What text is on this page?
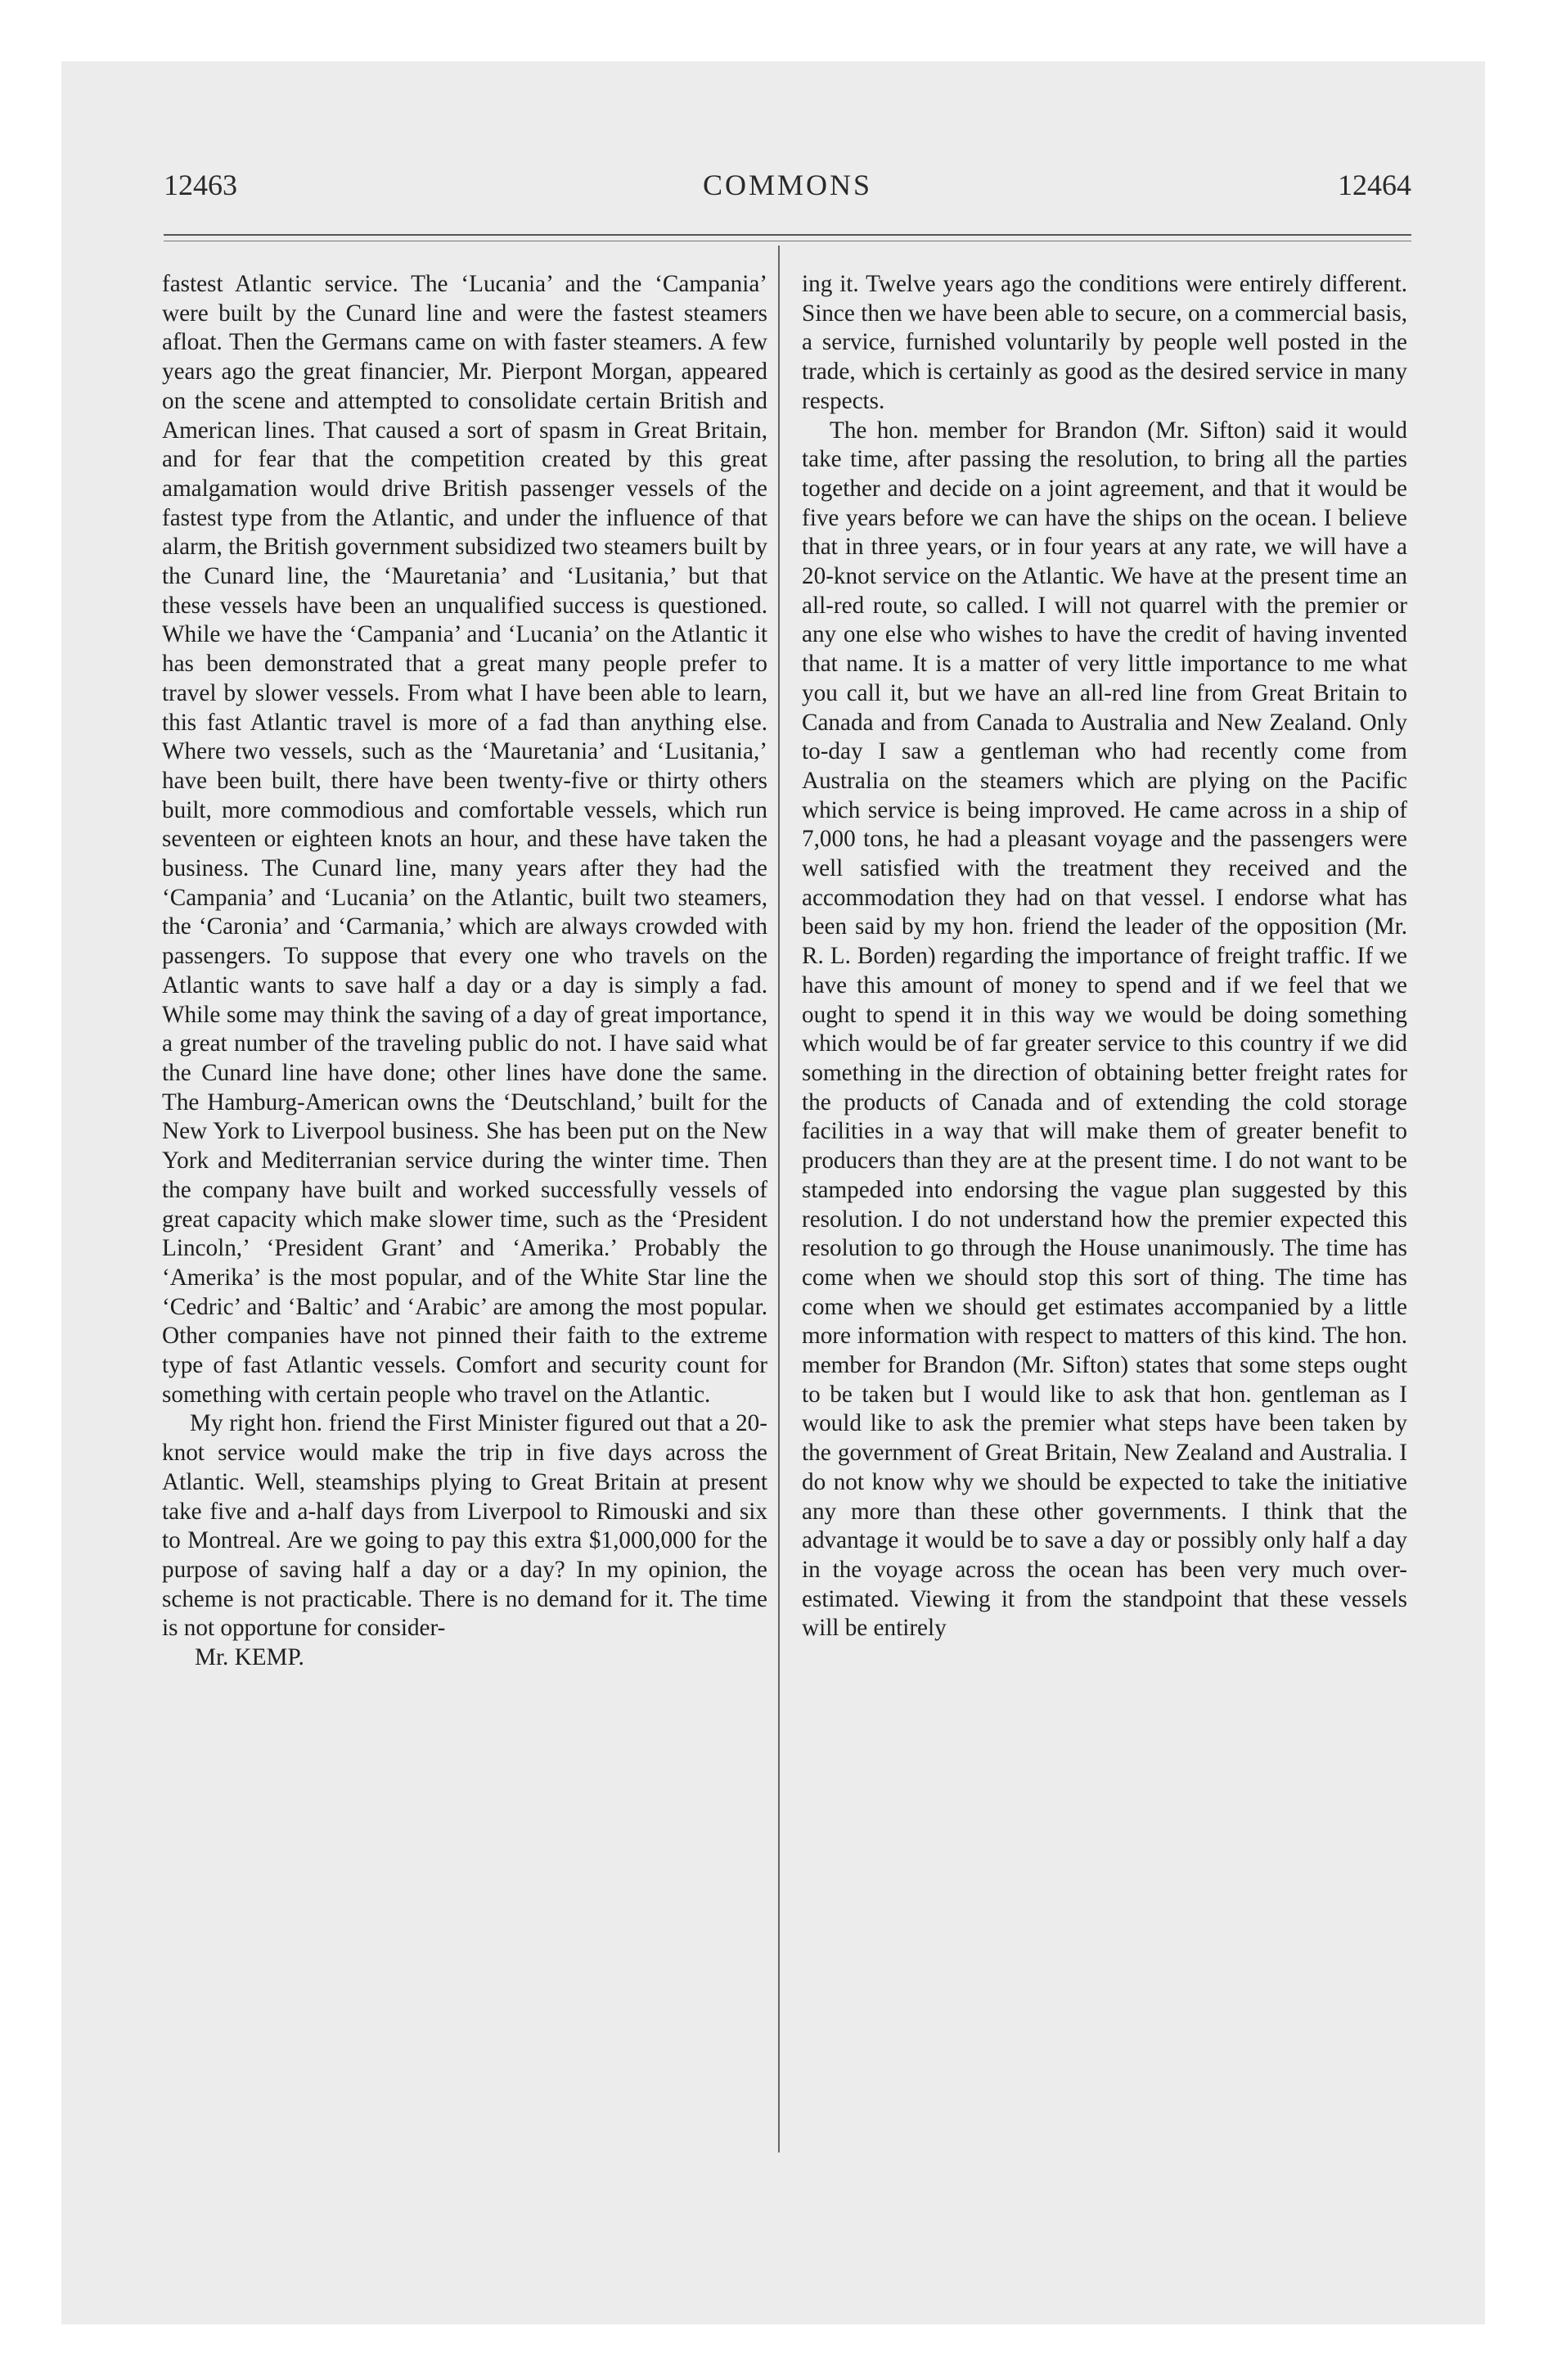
12463	COMMONS	12464

fastest Atlantic service. The ‘Lucania’ and the ‘Campania’ were built by the Cunard line and were the fastest steamers afloat. Then the Germans came on with faster steamers. A few years ago the great financier, Mr. Pierpont Morgan, appeared on the scene and attempted to consolidate certain British and American lines. That caused a sort of spasm in Great Britain, and for fear that the competition created by this great amalgamation would drive British passenger vessels of the fastest type from the Atlantic, and under the influence of that alarm, the British government subsidized two steamers built by the Cunard line, the ‘Mauretania’ and ‘Lusitania,’ but that these vessels have been an unqualified success is questioned. While we have the ‘Campania’ and ‘Lucania’ on the Atlantic it has been demonstrated that a great many people prefer to travel by slower vessels. From what I have been able to learn, this fast Atlantic travel is more of a fad than anything else. Where two vessels, such as the ‘Mauretania’ and ‘Lusitania,’ have been built, there have been twenty-five or thirty others built, more commodious and comfortable vessels, which run seventeen or eighteen knots an hour, and these have taken the business. The Cunard line, many years after they had the ‘Campania’ and ‘Lucania’ on the Atlantic, built two steamers, the ‘Caronia’ and ‘Carmania,’ which are always crowded with passengers. To suppose that every one who travels on the Atlantic wants to save half a day or a day is simply a fad. While some may think the saving of a day of great importance, a great number of the traveling public do not. I have said what the Cunard line have done; other lines have done the same. The Hamburg-American owns the ‘Deutschland,’ built for the New York to Liverpool business. She has been put on the New York and Mediterranian service during the winter time. Then the company have built and worked successfully vessels of great capacity which make slower time, such as the ‘President Lincoln,’ ‘President Grant’ and ‘Amerika.’ Probably the ‘Amerika’ is the most popular, and of the White Star line the ‘Cedric’ and ‘Baltic’ and ‘Arabic’ are among the most popular. Other companies have not pinned their faith to the extreme type of fast Atlantic vessels. Comfort and security count for something with certain people who travel on the Atlantic.

My right hon. friend the First Minister figured out that a 20-knot service would make the trip in five days across the Atlantic. Well, steamships plying to Great Britain at present take five and a-half days from Liverpool to Rimouski and six to Montreal. Are we going to pay this extra $1,000,000 for the purpose of saving half a day or a day? In my opinion, the scheme is not practicable. There is no demand for it. The time is not opportune for consider-

Mr. KEMP.

ing it. Twelve years ago the conditions were entirely different. Since then we have been able to secure, on a commercial basis, a service, furnished voluntarily by people well posted in the trade, which is certainly as good as the desired service in many respects.

The hon. member for Brandon (Mr. Sifton) said it would take time, after passing the resolution, to bring all the parties together and decide on a joint agreement, and that it would be five years before we can have the ships on the ocean. I believe that in three years, or in four years at any rate, we will have a 20-knot service on the Atlantic. We have at the present time an all-red route, so called. I will not quarrel with the premier or any one else who wishes to have the credit of having invented that name. It is a matter of very little importance to me what you call it, but we have an all-red line from Great Britain to Canada and from Canada to Australia and New Zealand. Only to-day I saw a gentleman who had recently come from Australia on the steamers which are plying on the Pacific which service is being improved. He came across in a ship of 7,000 tons, he had a pleasant voyage and the passengers were well satisfied with the treatment they received and the accommodation they had on that vessel. I endorse what has been said by my hon. friend the leader of the opposition (Mr. R. L. Borden) regarding the importance of freight traffic. If we have this amount of money to spend and if we feel that we ought to spend it in this way we would be doing something which would be of far greater service to this country if we did something in the direction of obtaining better freight rates for the products of Canada and of extending the cold storage facilities in a way that will make them of greater benefit to producers than they are at the present time. I do not want to be stampeded into endorsing the vague plan suggested by this resolution. I do not understand how the premier expected this resolution to go through the House unanimously. The time has come when we should stop this sort of thing. The time has come when we should get estimates accompanied by a little more information with respect to matters of this kind. The hon. member for Brandon (Mr. Sifton) states that some steps ought to be taken but I would like to ask that hon. gentleman as I would like to ask the premier what steps have been taken by the government of Great Britain, New Zealand and Australia. I do not know why we should be expected to take the initiative any more than these other governments. I think that the advantage it would be to save a day or possibly only half a day in the voyage across the ocean has been very much over-estimated. Viewing it from the standpoint that these vessels will be entirely
